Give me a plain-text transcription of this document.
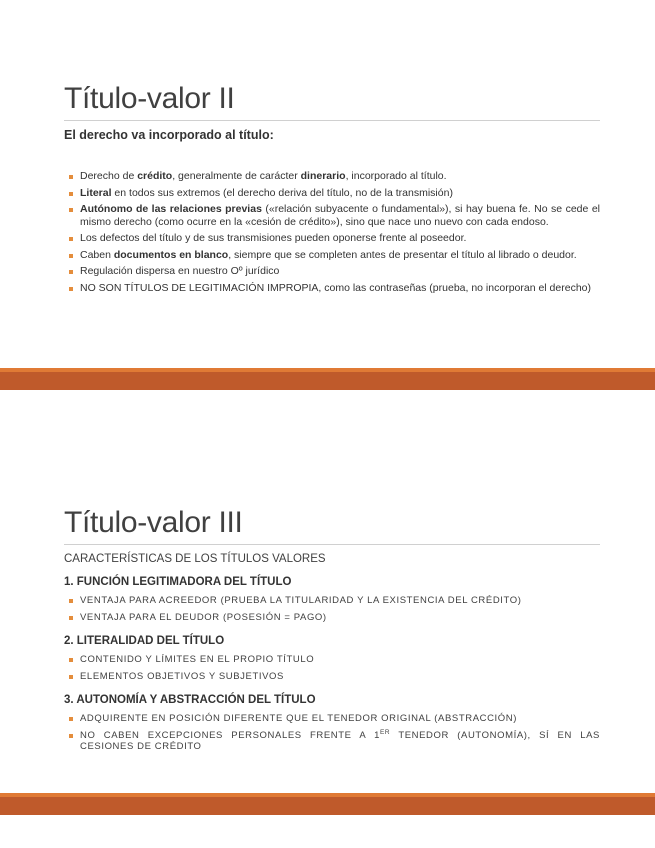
Título-valor II

El derecho va incorporado al título:

Derecho de crédito, generalmente de carácter dinerario, incorporado al título.
Literal en todos sus extremos (el derecho deriva del título, no de la transmisión)
Autónomo de las relaciones previas («relación subyacente o fundamental»), si hay buena fe. No se cede el mismo derecho (como ocurre en la «cesión de crédito»), sino que nace uno nuevo con cada endoso.
Los defectos del título y de sus transmisiones pueden oponerse frente al poseedor.
Caben documentos en blanco, siempre que se completen antes de presentar el título al librado o deudor.
Regulación dispersa en nuestro Oº jurídico
NO SON TÍTULOS DE LEGITIMACIÓN IMPROPIA, como las contraseñas (prueba, no incorporan el derecho)
Título-valor III

CARACTERÍSTICAS DE LOS TÍTULOS VALORES

1. FUNCIÓN LEGITIMADORA DEL TÍTULO

VENTAJA PARA ACREEDOR (PRUEBA LA TITULARIDAD Y LA EXISTENCIA DEL CRÉDITO)
VENTAJA PARA EL DEUDOR (POSESIÓN = PAGO)

2. LITERALIDAD DEL TÍTULO

CONTENIDO Y LÍMITES EN EL PROPIO TÍTULO
ELEMENTOS OBJETIVOS Y SUBJETIVOS

3. AUTONOMÍA Y ABSTRACCIÓN DEL TÍTULO

ADQUIRENTE EN POSICIÓN DIFERENTE QUE EL TENEDOR ORIGINAL (ABSTRACCIÓN)
NO CABEN EXCEPCIONES PERSONALES FRENTE A 1ER TENEDOR (AUTONOMÍA), SÍ EN LAS CESIONES DE CRÉDITO
